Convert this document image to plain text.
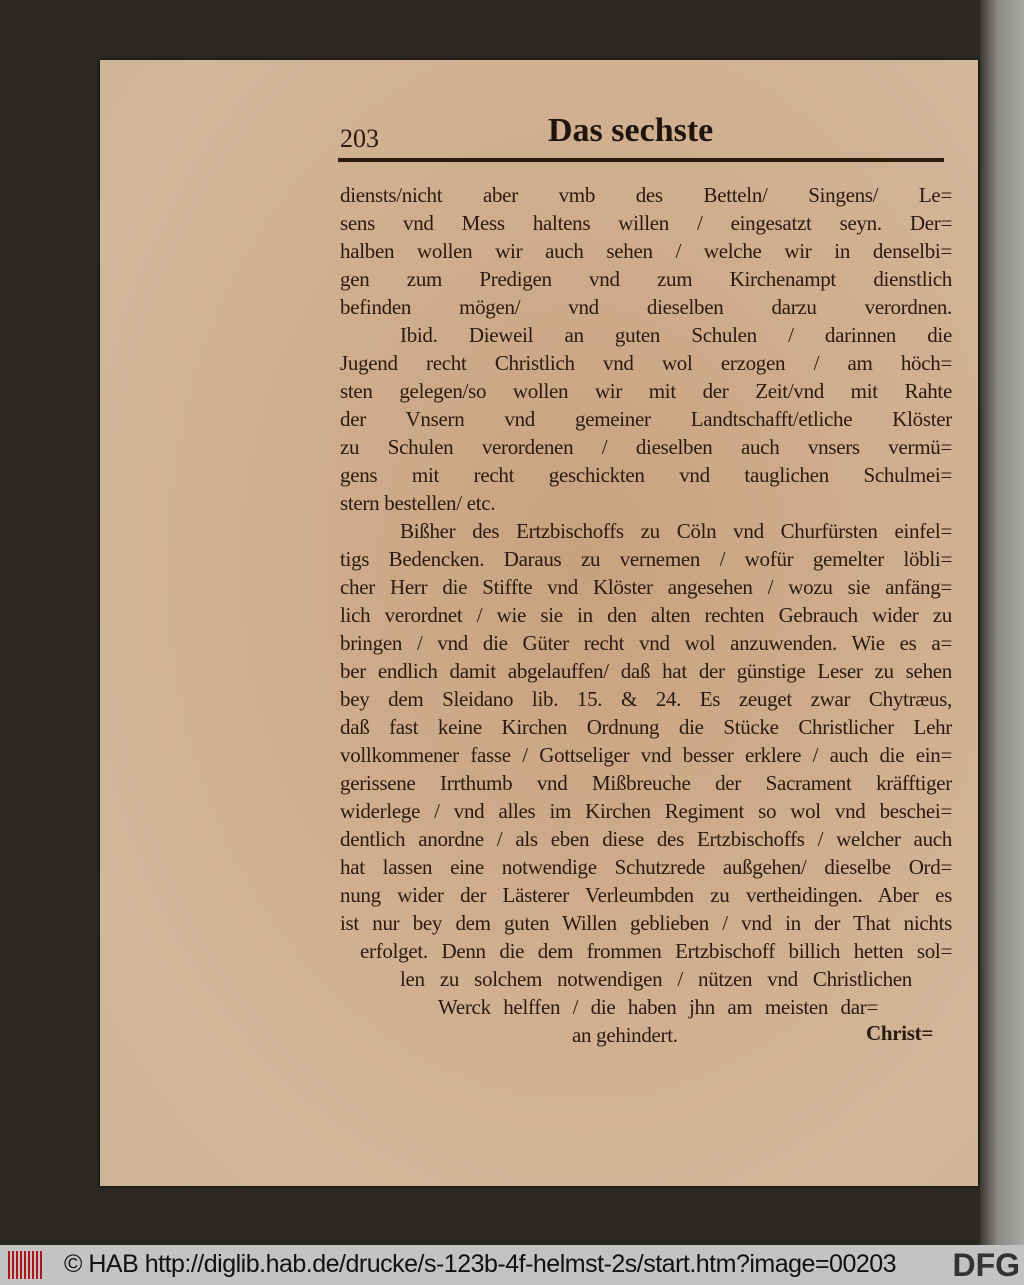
203	Das sechste
diensts/nicht aber vmb des Betteln/ Singens/ Le=
sens vnd Mess haltens willen / eingesatzt seyn. Der=
halben wollen wir auch sehen / welche wir in denselbi=
gen zum Predigen vnd zum Kirchenampt dienstlich
befinden mögen/ vnd dieselben darzu verordnen.
Ibid. Dieweil an guten Schulen / darinnen die
Jugend recht Christlich vnd wol erzogen / am höch=
sten gelegen/so wollen wir mit der Zeit/vnd mit Rahte
der Vnsern vnd gemeiner Landtschafft/etliche Klöster
zu Schulen verordenen / dieselben auch vnsers vermü=
gens mit recht geschickten vnd tauglichen Schulmei=
stern bestellen/ etc.
Bißher des Ertzbischoffs zu Cöln vnd Churfürsten einfel=
tigs Bedencken. Daraus zu vernemen / wofür gemelter löbli=
cher Herr die Stiffte vnd Klöster angesehen / wozu sie anfäng=
lich verordnet / wie sie in den alten rechten Gebrauch wider zu
bringen / vnd die Güter recht vnd wol anzuwenden. Wie es a=
ber endlich damit abgelauffen/ daß hat der günstige Leser zu sehen
bey dem Sleidano lib. 15. & 24. Es zeuget zwar Chytræus,
daß fast keine Kirchen Ordnung die Stücke Christlicher Lehr
vollkommener fasse / Gottseliger vnd besser erklere / auch die ein=
gerissene Irrthumb vnd Mißbreuche der Sacrament kräfftiger
widerlege / vnd alles im Kirchen Regiment so wol vnd beschei=
dentlich anordne / als eben diese des Ertzbischoffs / welcher auch
hat lassen eine notwendige Schutzrede außgehen/ dieselbe Ord=
nung wider der Lästerer Verleumbden zu vertheidingen. Aber es
ist nur bey dem guten Willen geblieben / vnd in der That nichts
erfolget. Denn die dem frommen Ertzbischoff billich hetten sol=
len zu solchem notwendigen / nützen vnd Christlichen
Werck helffen / die haben jhn am meisten dar=
an gehindert.	Christ=
© HAB http://diglib.hab.de/drucke/s-123b-4f-helmst-2s/start.htm?image=00203 DFG
